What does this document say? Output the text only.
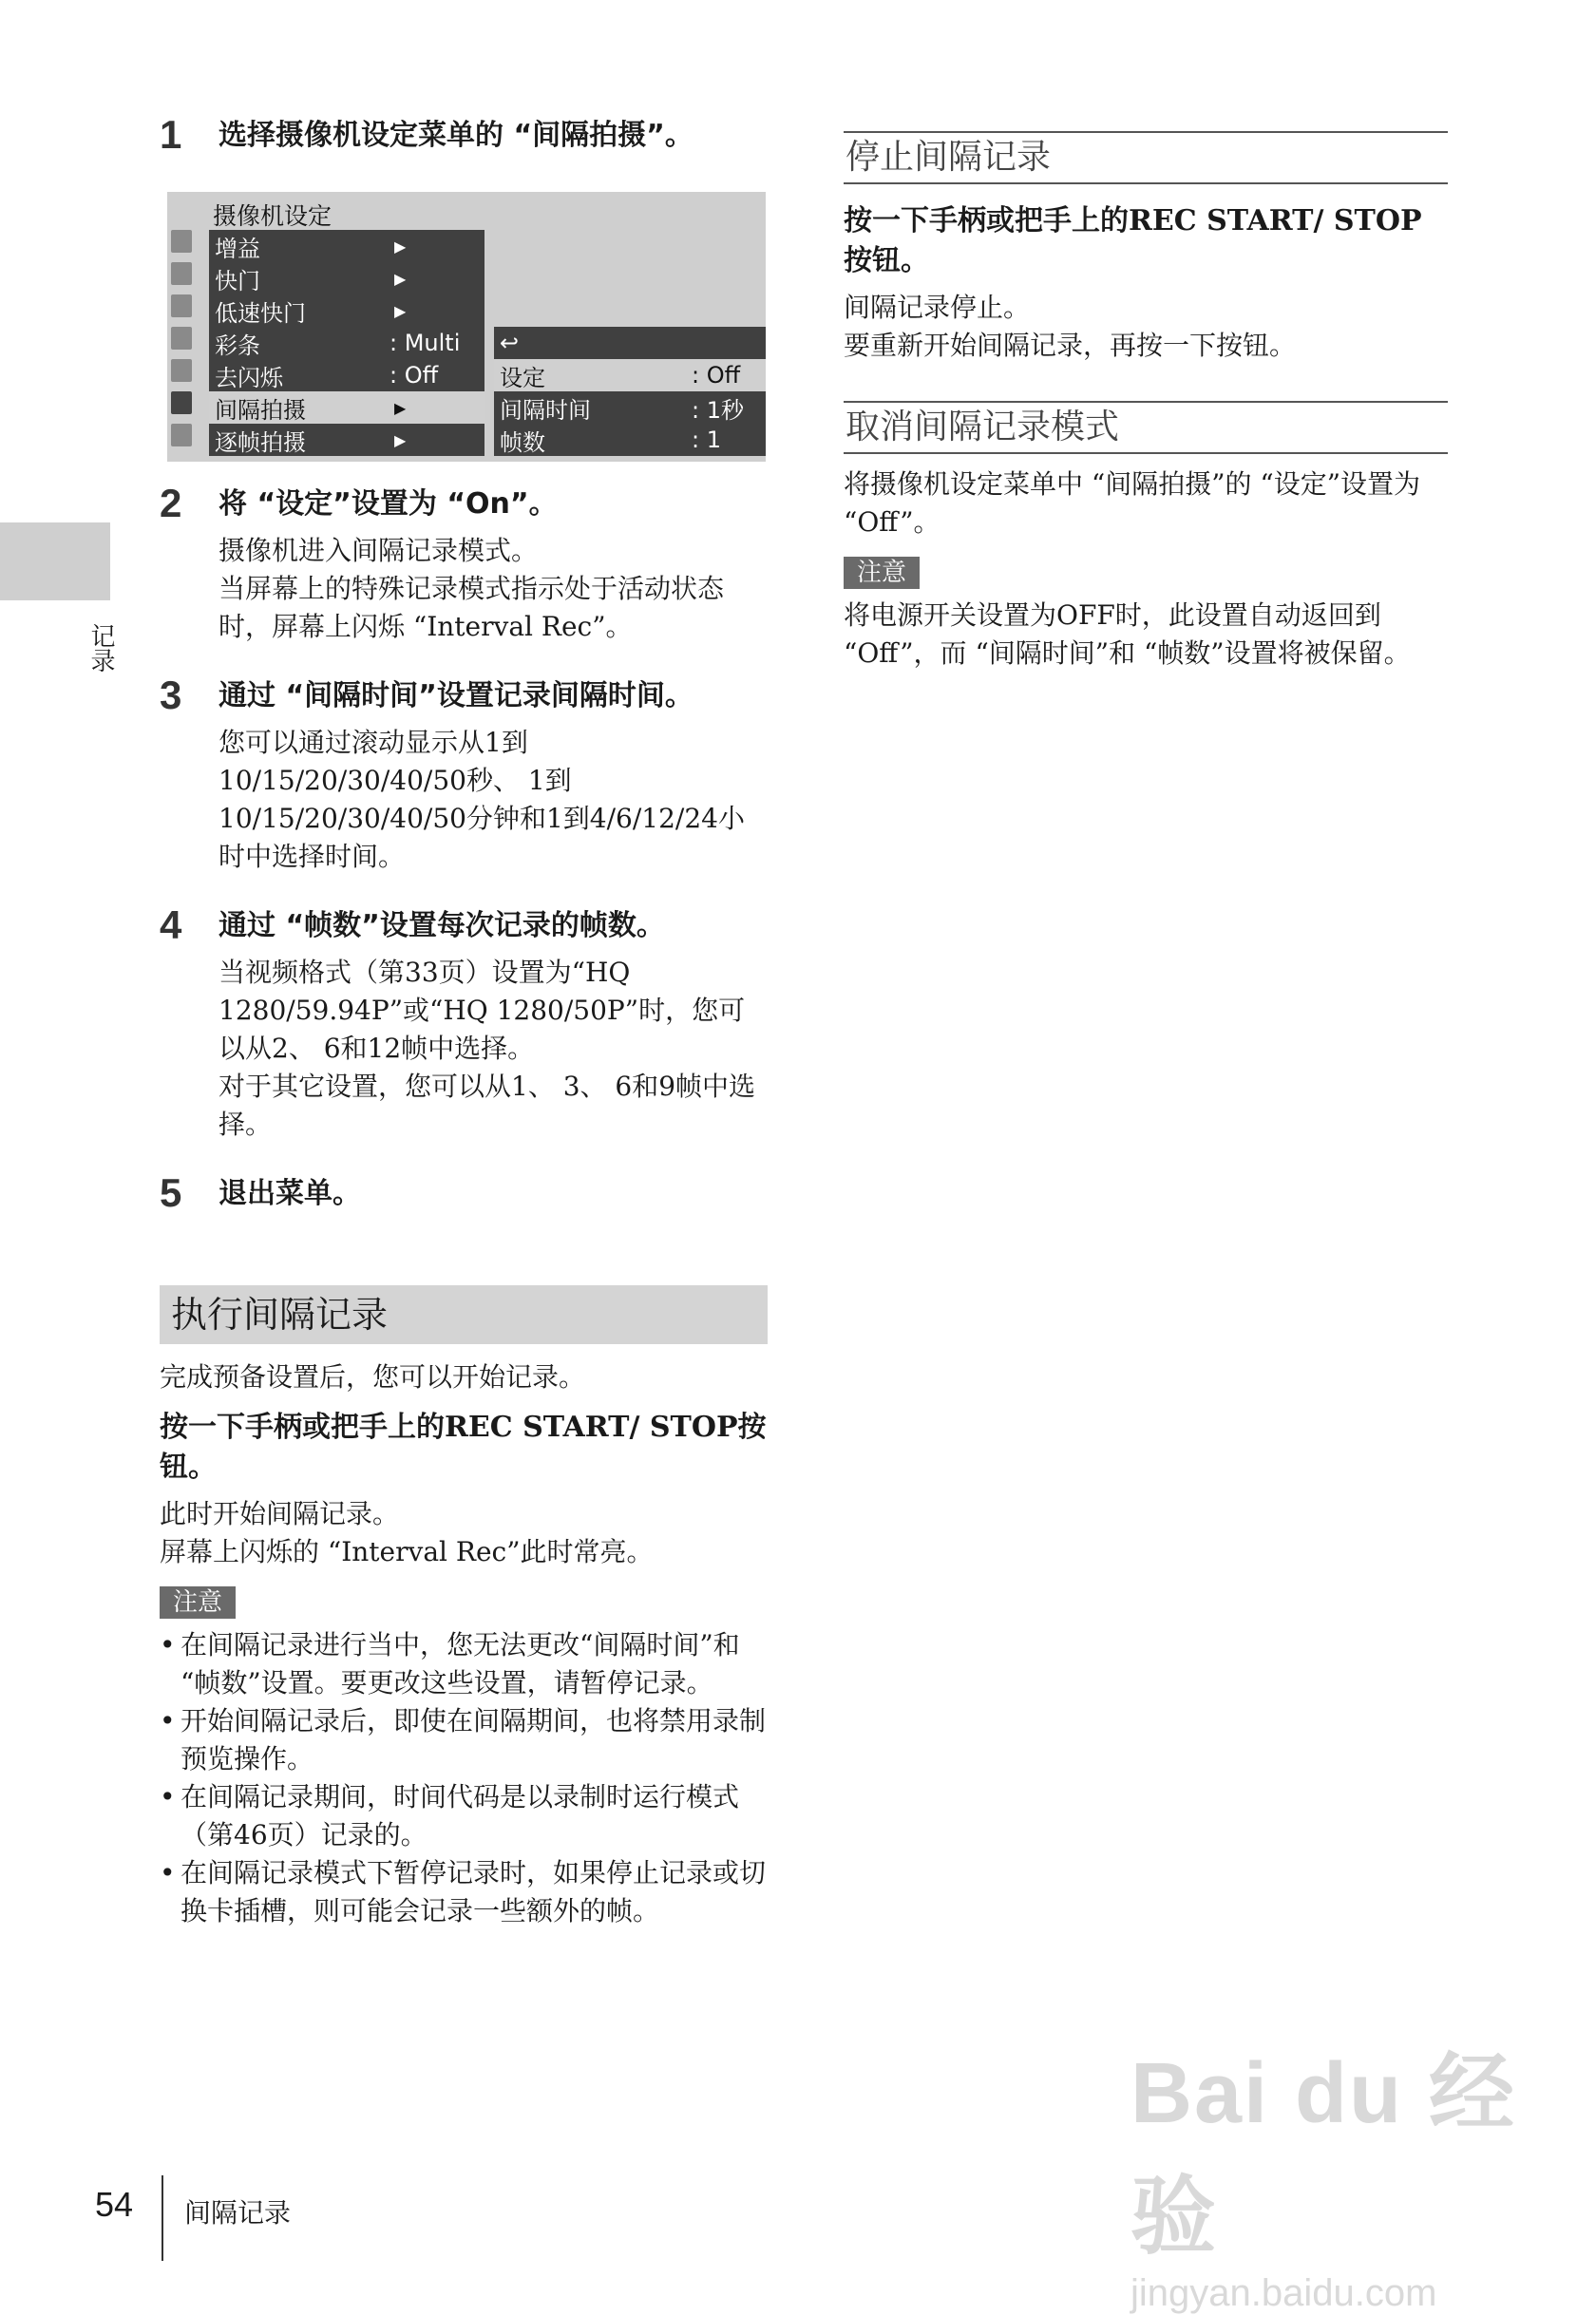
记录
1 选择摄像机设定菜单的 “间隔拍摄”。
摄像机设定
增益	▶
快门	▶
低速快门	▶
彩条	: Multi
去闪烁	: Off
间隔拍摄	▶
逐帧拍摄	▶
↩
设定	: Off
间隔时间	: 1秒
帧数	: 1
2 将 “设定”设置为 “On”。

摄像机进入间隔记录模式。

当屏幕上的特殊记录模式指示处于活动状态时，屏幕上闪烁 “Interval Rec”。

3 通过 “间隔时间”设置记录间隔时间。

您可以通过滚动显示从1到10/15/20/30/40/50秒、 1到10/15/20/30/40/50分钟和1到4/6/12/24小时中选择时间。

4 通过 “帧数”设置每次记录的帧数。

当视频格式（第33页）设置为“HQ 1280/59.94P”或“HQ 1280/50P”时，您可以从2、 6和12帧中选择。

对于其它设置，您可以从1、 3、 6和9帧中选择。

5 退出菜单。
执行间隔记录

完成预备设置后，您可以开始记录。

按一下手柄或把手上的REC START/ STOP按钮。

此时开始间隔记录。

屏幕上闪烁的 “Interval Rec”此时常亮。

注意
• 在间隔记录进行当中，您无法更改“间隔时间”和 “帧数”设置。要更改这些设置，请暂停记录。
• 开始间隔记录后，即使在间隔期间，也将禁用录制预览操作。
• 在间隔记录期间，时间代码是以录制时运行模式 （第46页）记录的。
• 在间隔记录模式下暂停记录时，如果停止记录或切换卡插槽，则可能会记录一些额外的帧。
停止间隔记录

按一下手柄或把手上的REC START/ STOP按钮。

间隔记录停止。

要重新开始间隔记录，再按一下按钮。

取消间隔记录模式

将摄像机设定菜单中 “间隔拍摄”的 “设定”设置为 “Off”。

注意

将电源开关设置为OFF时，此设置自动返回到 “Off”，而 “间隔时间”和 “帧数”设置将被保留。

54 间隔记录
Bai du 经验
jingyan.baidu.com
